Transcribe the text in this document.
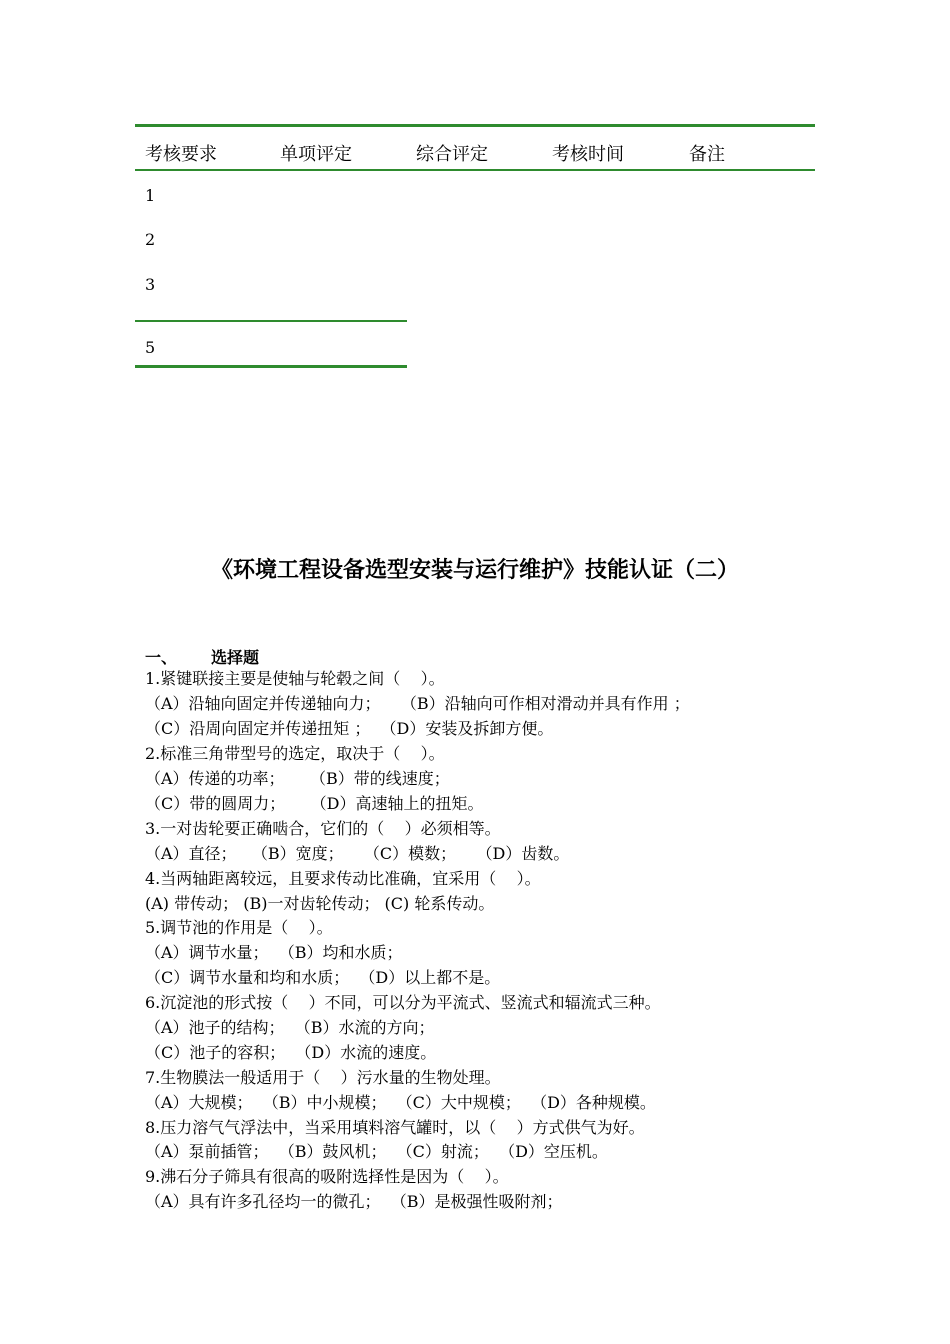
考核要求	单项评定	综合评定	考核时间	备注
1
2
3
5
《环境工程设备选型安装与运行维护》技能认证（二）
一、 选择题
1.紧键联接主要是使轴与轮毂之间（    ）。
（A）沿轴向固定并传递轴向力；    （B）沿轴向可作相对滑动并具有作用 ；
（C）沿周向固定并传递扭矩 ；  （D）安装及拆卸方便。
2.标准三角带型号的选定，取决于（    ）。
（A）传递的功率；     （B）带的线速度；
（C）带的圆周力；     （D）高速轴上的扭矩。
3.一对齿轮要正确啮合，它们的（    ）必须相等。
（A）直径；   （B）宽度；    （C）模数；    （D）齿数。
4.当两轴距离较远，且要求传动比准确，宜采用（    ）。
(A) 带传动； (B)一对齿轮传动； (C) 轮系传动。
5.调节池的作用是（    ）。
（A）调节水量；  （B）均和水质；
（C）调节水量和均和水质；  （D）以上都不是。
6.沉淀池的形式按（    ）不同，可以分为平流式、竖流式和辐流式三种。
（A）池子的结构；  （B）水流的方向；
（C）池子的容积；  （D）水流的速度。
7.生物膜法一般适用于（    ）污水量的生物处理。
（A）大规模；  （B）中小规模；  （C）大中规模；  （D）各种规模。
8.压力溶气气浮法中，当采用填料溶气罐时，以（    ）方式供气为好。
（A）泵前插管；  （B）鼓风机；  （C）射流；  （D）空压机。
9.沸石分子筛具有很高的吸附选择性是因为（    ）。
（A）具有许多孔径均一的微孔；  （B）是极强性吸附剂；
